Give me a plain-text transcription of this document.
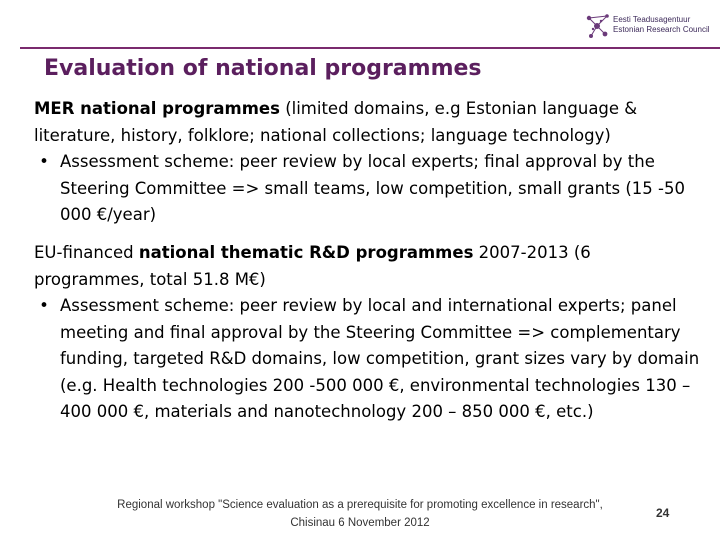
Eesti Teadusagentuur
Estonian Research Council
Evaluation of national programmes
MER national programmes (limited domains, e.g Estonian language & literature, history, folklore; national collections; language technology)
• Assessment scheme: peer review by local experts; final approval by the Steering Committee => small teams, low competition, small grants (15 -50 000 €/year)
EU-financed national thematic R&D programmes 2007-2013 (6 programmes, total 51.8 M€)
• Assessment scheme: peer review by local and international experts; panel meeting and final approval by the Steering Committee => complementary funding, targeted R&D domains, low competition, grant sizes vary by domain (e.g. Health technologies 200 -500 000 €, environmental technologies 130 – 400 000 €, materials and nanotechnology 200 – 850 000 €, etc.)
Regional workshop "Science evaluation as a prerequisite for promoting excellence in research",
Chisinau 6 November 2012
24
